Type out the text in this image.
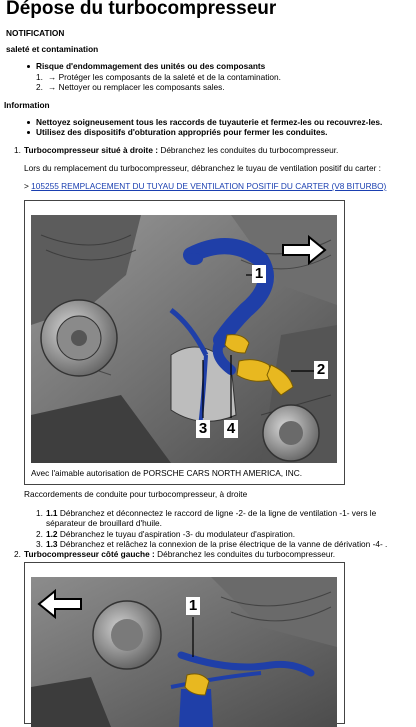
Dépose du turbocompresseur
NOTIFICATION
saleté et contamination
Risque d'endommagement des unités ou des composants
1. → Protéger les composants de la saleté et de la contamination.
2. → Nettoyer ou remplacer les composants sales.
Information
Nettoyez soigneusement tous les raccords de tuyauterie et fermez-les ou recouvrez-les.
Utilisez des dispositifs d'obturation appropriés pour fermer les conduites.
1. Turbocompresseur situé à droite : Débranchez les conduites du turbocompresseur.
Lors du remplacement du turbocompresseur, débranchez le tuyau de ventilation positif du carter :
> 105255 REMPLACEMENT DU TUYAU DE VENTILATION POSITIF DU CARTER (V8 BITURBO)
1
2
3 4
Avec l'aimable autorisation de PORSCHE CARS NORTH AMERICA, INC.
Raccordements de conduite pour turbocompresseur, à droite
1. 1.1 Débranchez et déconnectez le raccord de ligne -2- de la ligne de ventilation -1- vers le
séparateur de brouillard d'huile.
2. 1.2 Débranchez le tuyau d'aspiration -3- du modulateur d'aspiration.
3. 1.3 Débranchez et relâchez la connexion de la prise électrique de la vanne de dérivation -4- .
2. Turbocompresseur côté gauche : Débranchez les conduites du turbocompresseur.
1
